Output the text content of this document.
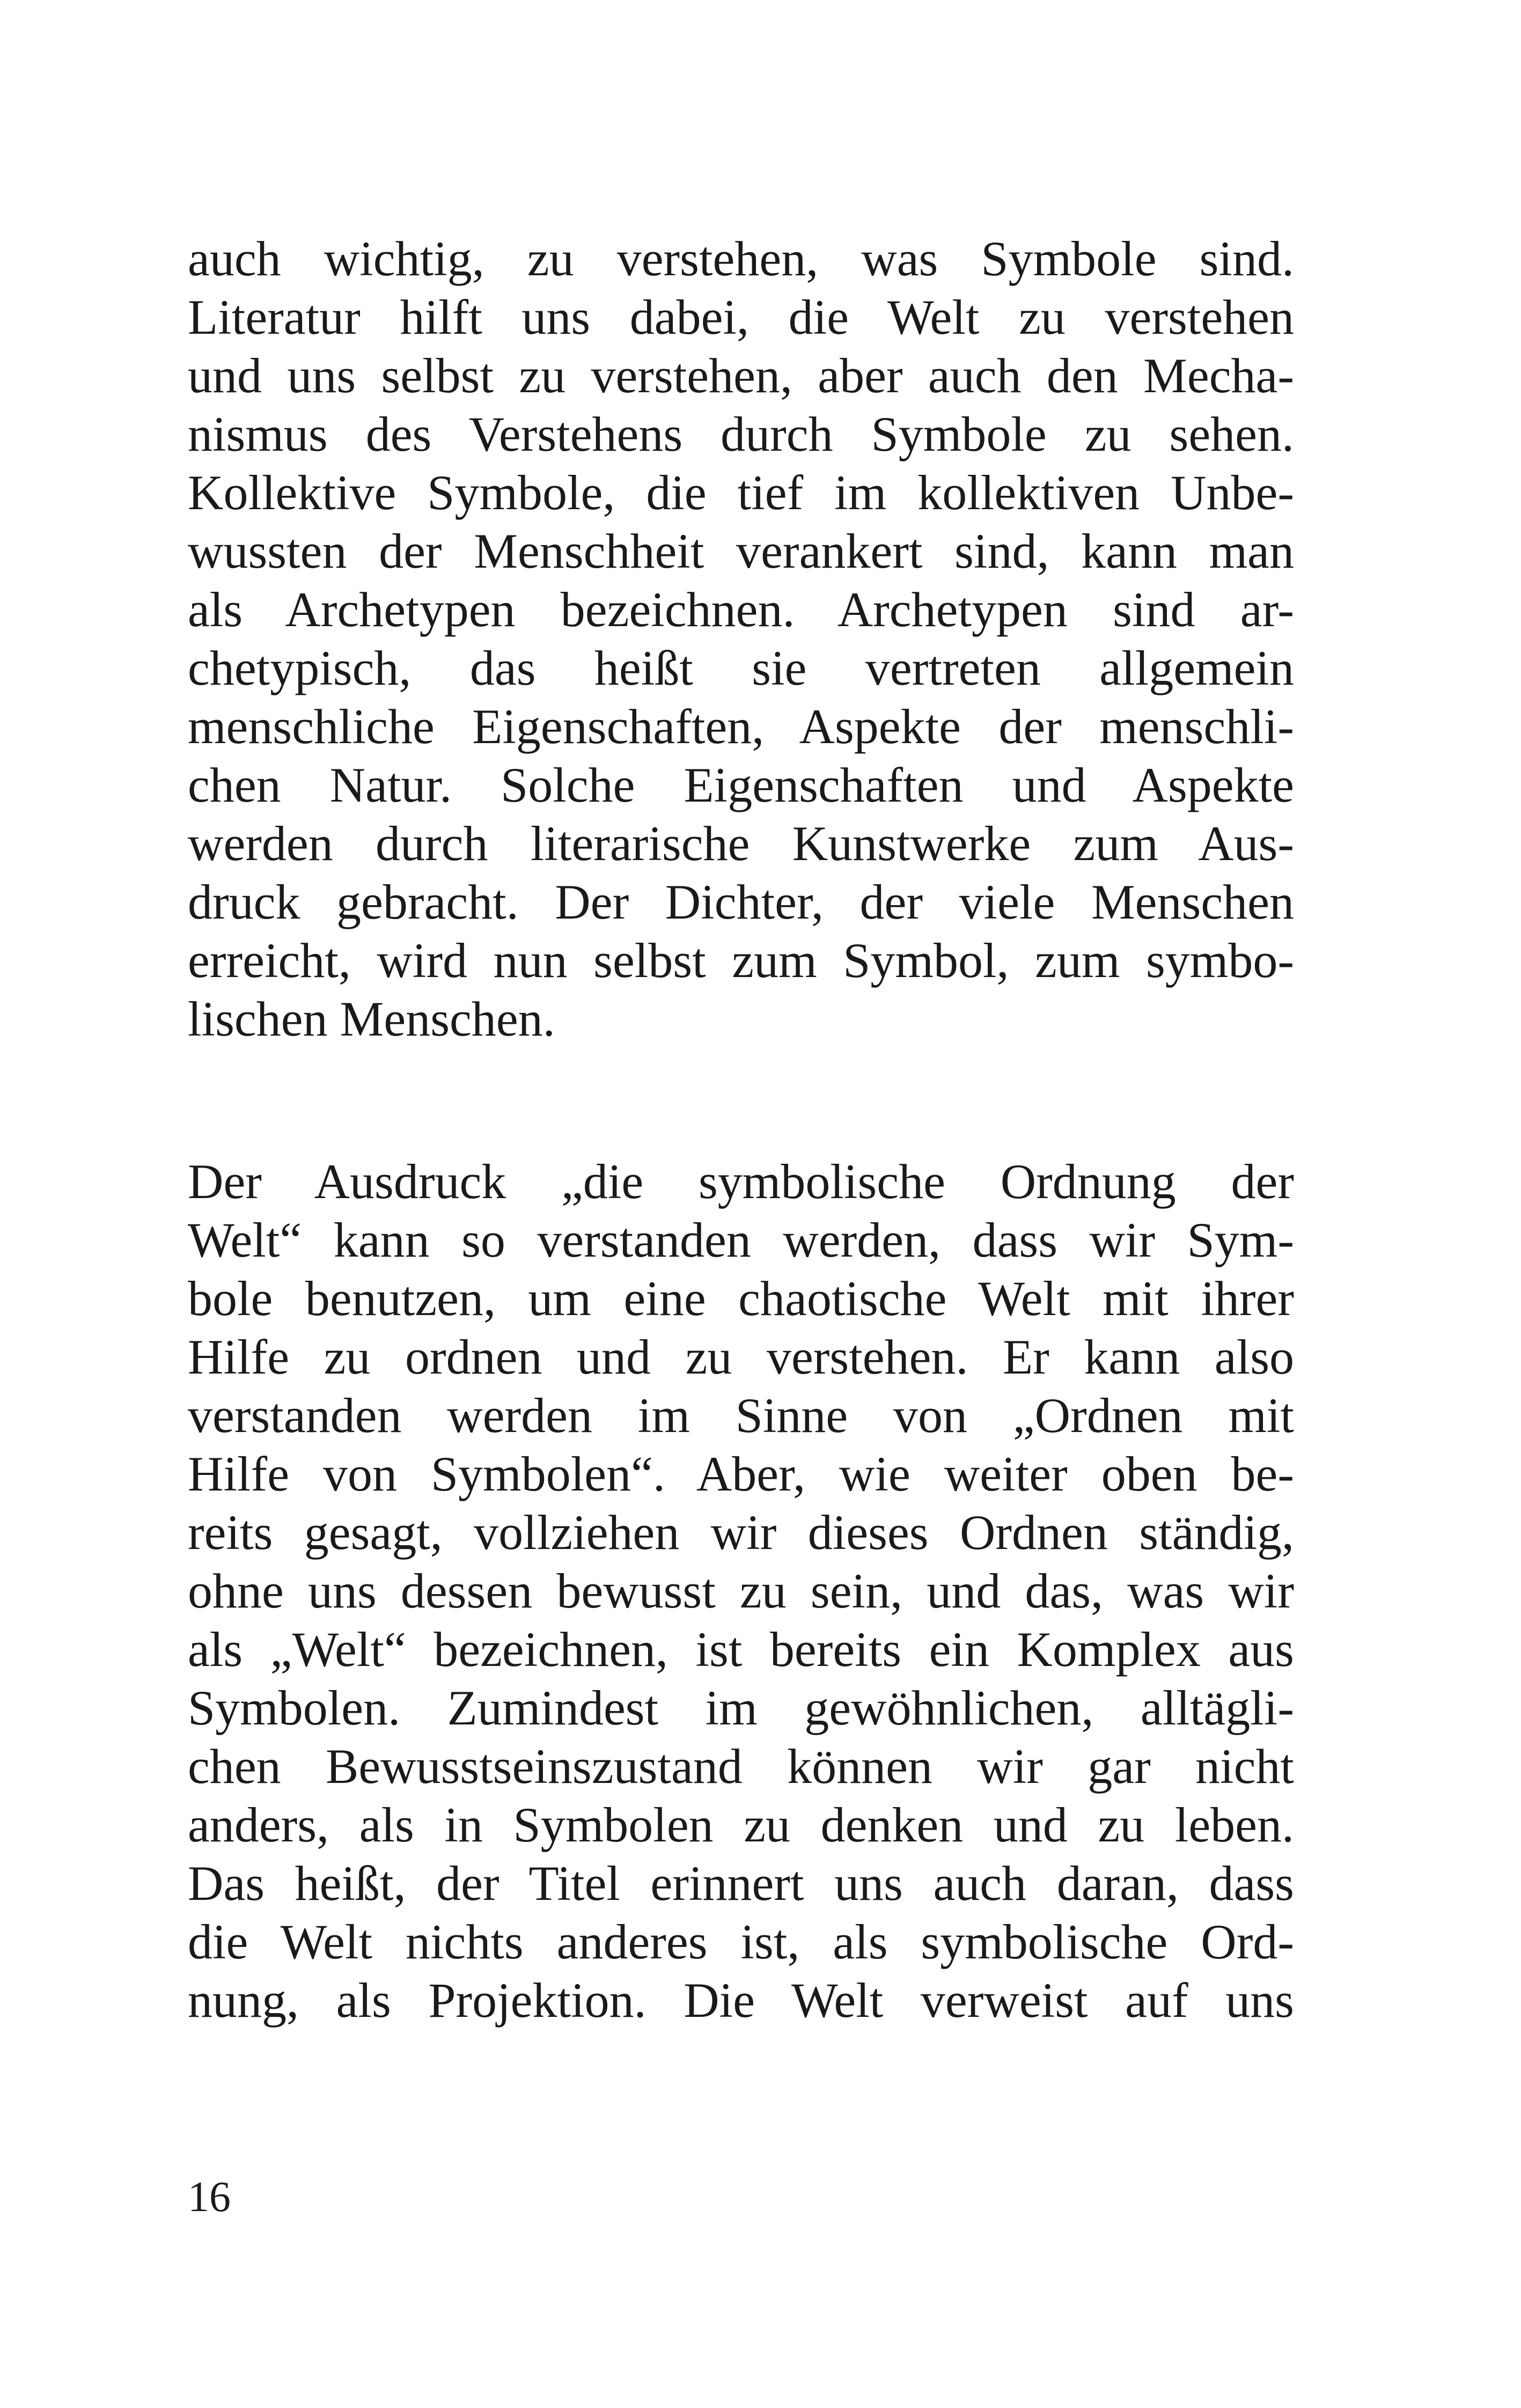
auch wichtig, zu verstehen, was Symbole sind.
Literatur hilft uns dabei, die Welt zu verstehen
und uns selbst zu verstehen, aber auch den Mecha-
nismus des Verstehens durch Symbole zu sehen.
Kollektive Symbole, die tief im kollektiven Unbe-
wussten der Menschheit verankert sind, kann man
als Archetypen bezeichnen. Archetypen sind ar-
chetypisch, das heißt sie vertreten allgemein
menschliche Eigenschaften, Aspekte der menschli-
chen Natur. Solche Eigenschaften und Aspekte
werden durch literarische Kunstwerke zum Aus-
druck gebracht. Der Dichter, der viele Menschen
erreicht, wird nun selbst zum Symbol, zum symbo-
lischen Menschen.
Der Ausdruck „die symbolische Ordnung der
Welt“ kann so verstanden werden, dass wir Sym-
bole benutzen, um eine chaotische Welt mit ihrer
Hilfe zu ordnen und zu verstehen. Er kann also
verstanden werden im Sinne von „Ordnen mit
Hilfe von Symbolen“. Aber, wie weiter oben be-
reits gesagt, vollziehen wir dieses Ordnen ständig,
ohne uns dessen bewusst zu sein, und das, was wir
als „Welt“ bezeichnen, ist bereits ein Komplex aus
Symbolen. Zumindest im gewöhnlichen, alltägli-
chen Bewusstseinszustand können wir gar nicht
anders, als in Symbolen zu denken und zu leben.
Das heißt, der Titel erinnert uns auch daran, dass
die Welt nichts anderes ist, als symbolische Ord-
nung, als Projektion. Die Welt verweist auf uns
16
